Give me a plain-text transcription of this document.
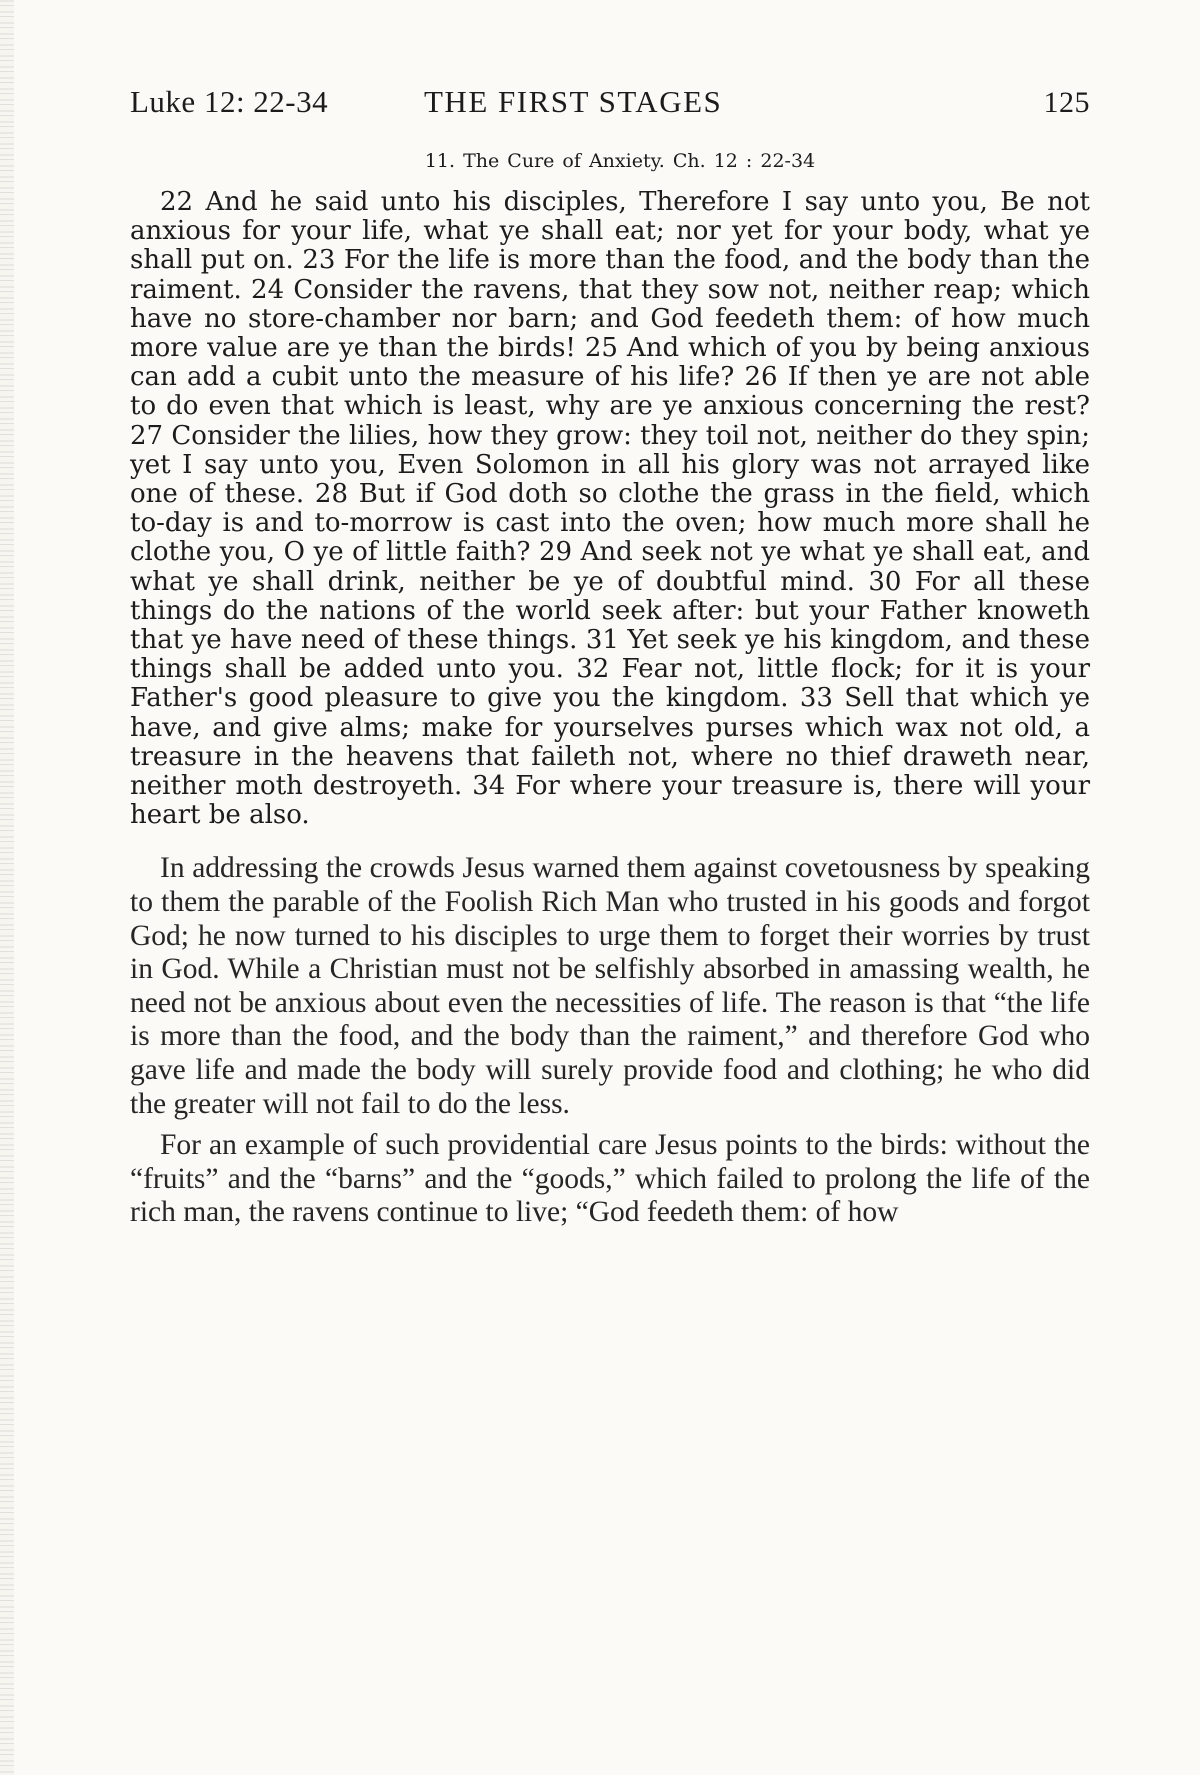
Luke 12: 22-34	THE FIRST STAGES	125
11. The Cure of Anxiety. Ch. 12 : 22-34

22 And he said unto his disciples, Therefore I say unto you, Be not anxious for your life, what ye shall eat; nor yet for your body, what ye shall put on. 23 For the life is more than the food, and the body than the raiment. 24 Consider the ravens, that they sow not, neither reap; which have no store-chamber nor barn; and God feedeth them: of how much more value are ye than the birds! 25 And which of you by being anxious can add a cubit unto the measure of his life? 26 If then ye are not able to do even that which is least, why are ye anxious concerning the rest? 27 Consider the lilies, how they grow: they toil not, neither do they spin; yet I say unto you, Even Solomon in all his glory was not arrayed like one of these. 28 But if God doth so clothe the grass in the field, which to-day is and to-morrow is cast into the oven; how much more shall he clothe you, O ye of little faith? 29 And seek not ye what ye shall eat, and what ye shall drink, neither be ye of doubtful mind. 30 For all these things do the nations of the world seek after: but your Father knoweth that ye have need of these things. 31 Yet seek ye his kingdom, and these things shall be added unto you. 32 Fear not, little flock; for it is your Father's good pleasure to give you the kingdom. 33 Sell that which ye have, and give alms; make for yourselves purses which wax not old, a treasure in the heavens that faileth not, where no thief draweth near, neither moth destroyeth. 34 For where your treasure is, there will your heart be also.

In addressing the crowds Jesus warned them against covetousness by speaking to them the parable of the Foolish Rich Man who trusted in his goods and forgot God; he now turned to his disciples to urge them to forget their worries by trust in God. While a Christian must not be selfishly absorbed in amassing wealth, he need not be anxious about even the necessities of life. The reason is that “the life is more than the food, and the body than the raiment,” and therefore God who gave life and made the body will surely provide food and clothing; he who did the greater will not fail to do the less.

For an example of such providential care Jesus points to the birds: without the “fruits” and the “barns” and the “goods,” which failed to prolong the life of the rich man, the ravens continue to live; “God feedeth them: of how
